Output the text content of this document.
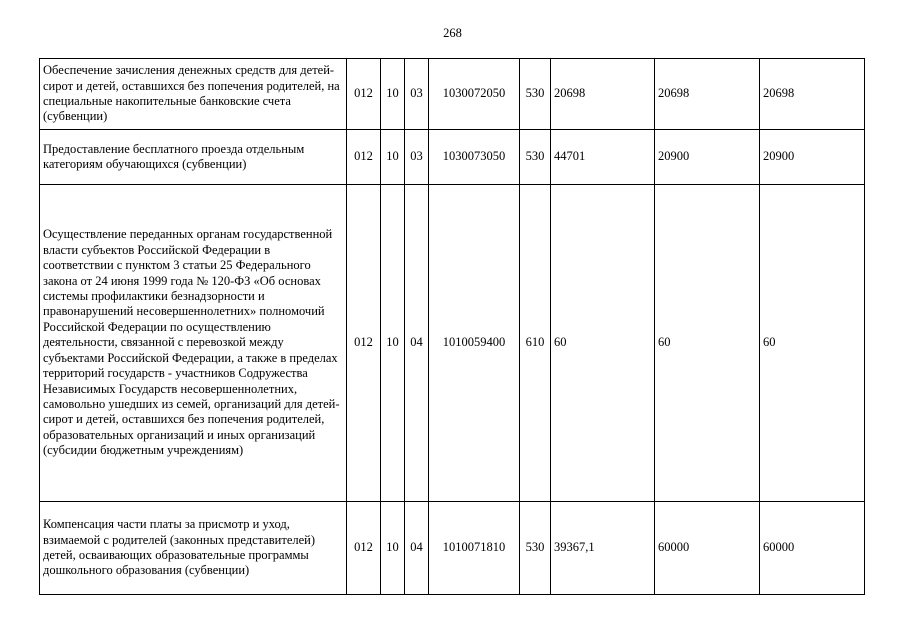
268
Обеспечение зачисления денежных средств для детей-сирот и детей, оставшихся без попечения родителей, на специальные накопительные банковские счета (субвенции)	012	10	03	1030072050	530	20698	20698	20698
Предоставление бесплатного проезда отдельным категориям обучающихся (субвенции)	012	10	03	1030073050	530	44701	20900	20900
Осуществление переданных органам государственной власти субъектов Российской Федерации в соответствии с пунктом 3 статьи 25 Федерального закона от 24 июня 1999 года № 120-ФЗ «Об основах системы профилактики безнадзорности и правонарушений несовершеннолетних» полномочий Российской Федерации по осуществлению деятельности, связанной с перевозкой между субъектами Российской Федерации, а также в пределах территорий государств - участников Содружества Независимых Государств несовершеннолетних, самовольно ушедших из семей, организаций для детей-сирот и детей, оставшихся без попечения родителей, образовательных организаций и иных организаций (субсидии бюджетным учреждениям)	012	10	04	1010059400	610	60	60	60
Компенсация части платы за присмотр и уход, взимаемой с родителей (законных представителей) детей, осваивающих образовательные программы дошкольного образования (субвенции)	012	10	04	1010071810	530	39367,1	60000	60000
